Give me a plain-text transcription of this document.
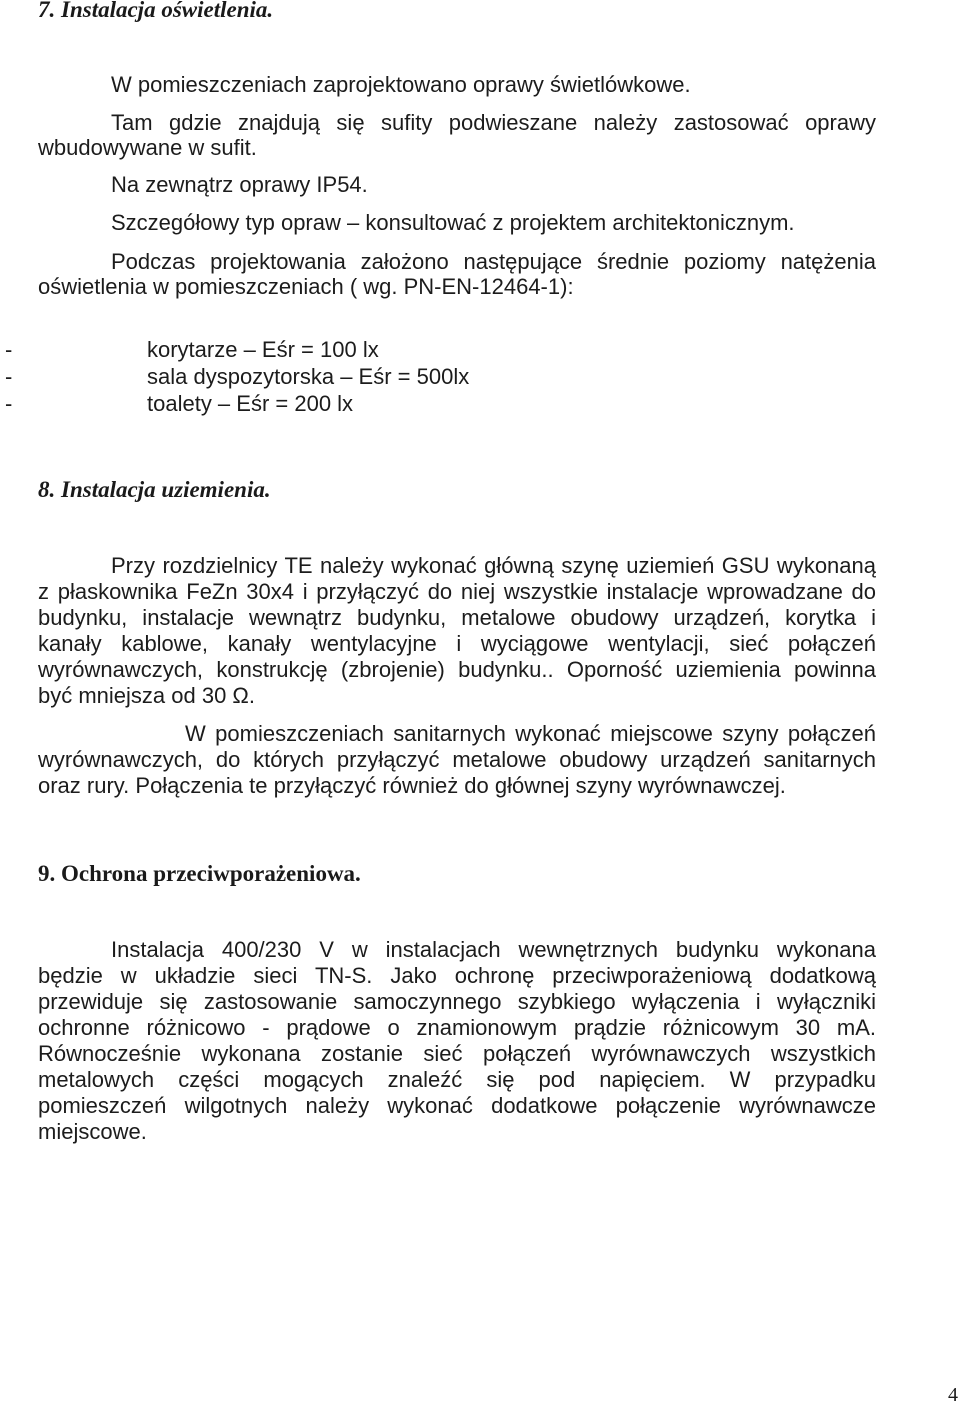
7. Instalacja oświetlenia.
W pomieszczeniach zaprojektowano oprawy świetlówkowe.
Tam gdzie znajdują się sufity podwieszane należy zastosować oprawy
wbudowywane w sufit.
Na zewnątrz oprawy IP54.
Szczegółowy typ opraw – konsultować z projektem architektonicznym.
Podczas projektowania założono następujące średnie poziomy natężenia
oświetlenia w pomieszczeniach ( wg. PN-EN-12464-1):
-	korytarze – Eśr = 100 lx
-	sala dyspozytorska – Eśr = 500lx
-	toalety – Eśr = 200 lx
8. Instalacja uziemienia.
Przy rozdzielnicy TE należy wykonać główną szynę uziemień GSU wykonaną
z płaskownika FeZn 30x4 i przyłączyć do niej wszystkie instalacje wprowadzane do
budynku, instalacje wewnątrz budynku, metalowe obudowy urządzeń, korytka i
kanały kablowe, kanały wentylacyjne i wyciągowe wentylacji, sieć połączeń
wyrównawczych, konstrukcję (zbrojenie) budynku.. Oporność uziemienia powinna
być mniejsza od 30 Ω.
W pomieszczeniach sanitarnych wykonać miejscowe szyny połączeń
wyrównawczych, do których przyłączyć metalowe obudowy urządzeń sanitarnych
oraz rury. Połączenia te przyłączyć również do głównej szyny wyrównawczej.
9. Ochrona przeciwporażeniowa.
Instalacja 400/230 V w instalacjach wewnętrznych budynku wykonana
będzie w układzie sieci TN-S. Jako ochronę przeciwporażeniową dodatkową
przewiduje się zastosowanie samoczynnego szybkiego wyłączenia i wyłączniki
ochronne różnicowo - prądowe o znamionowym prądzie różnicowym 30 mA.
Równocześnie wykonana zostanie sieć połączeń wyrównawczych wszystkich
metalowych części mogących znaleźć się pod napięciem. W przypadku
pomieszczeń wilgotnych należy wykonać dodatkowe połączenie wyrównawcze
miejscowe.
4
